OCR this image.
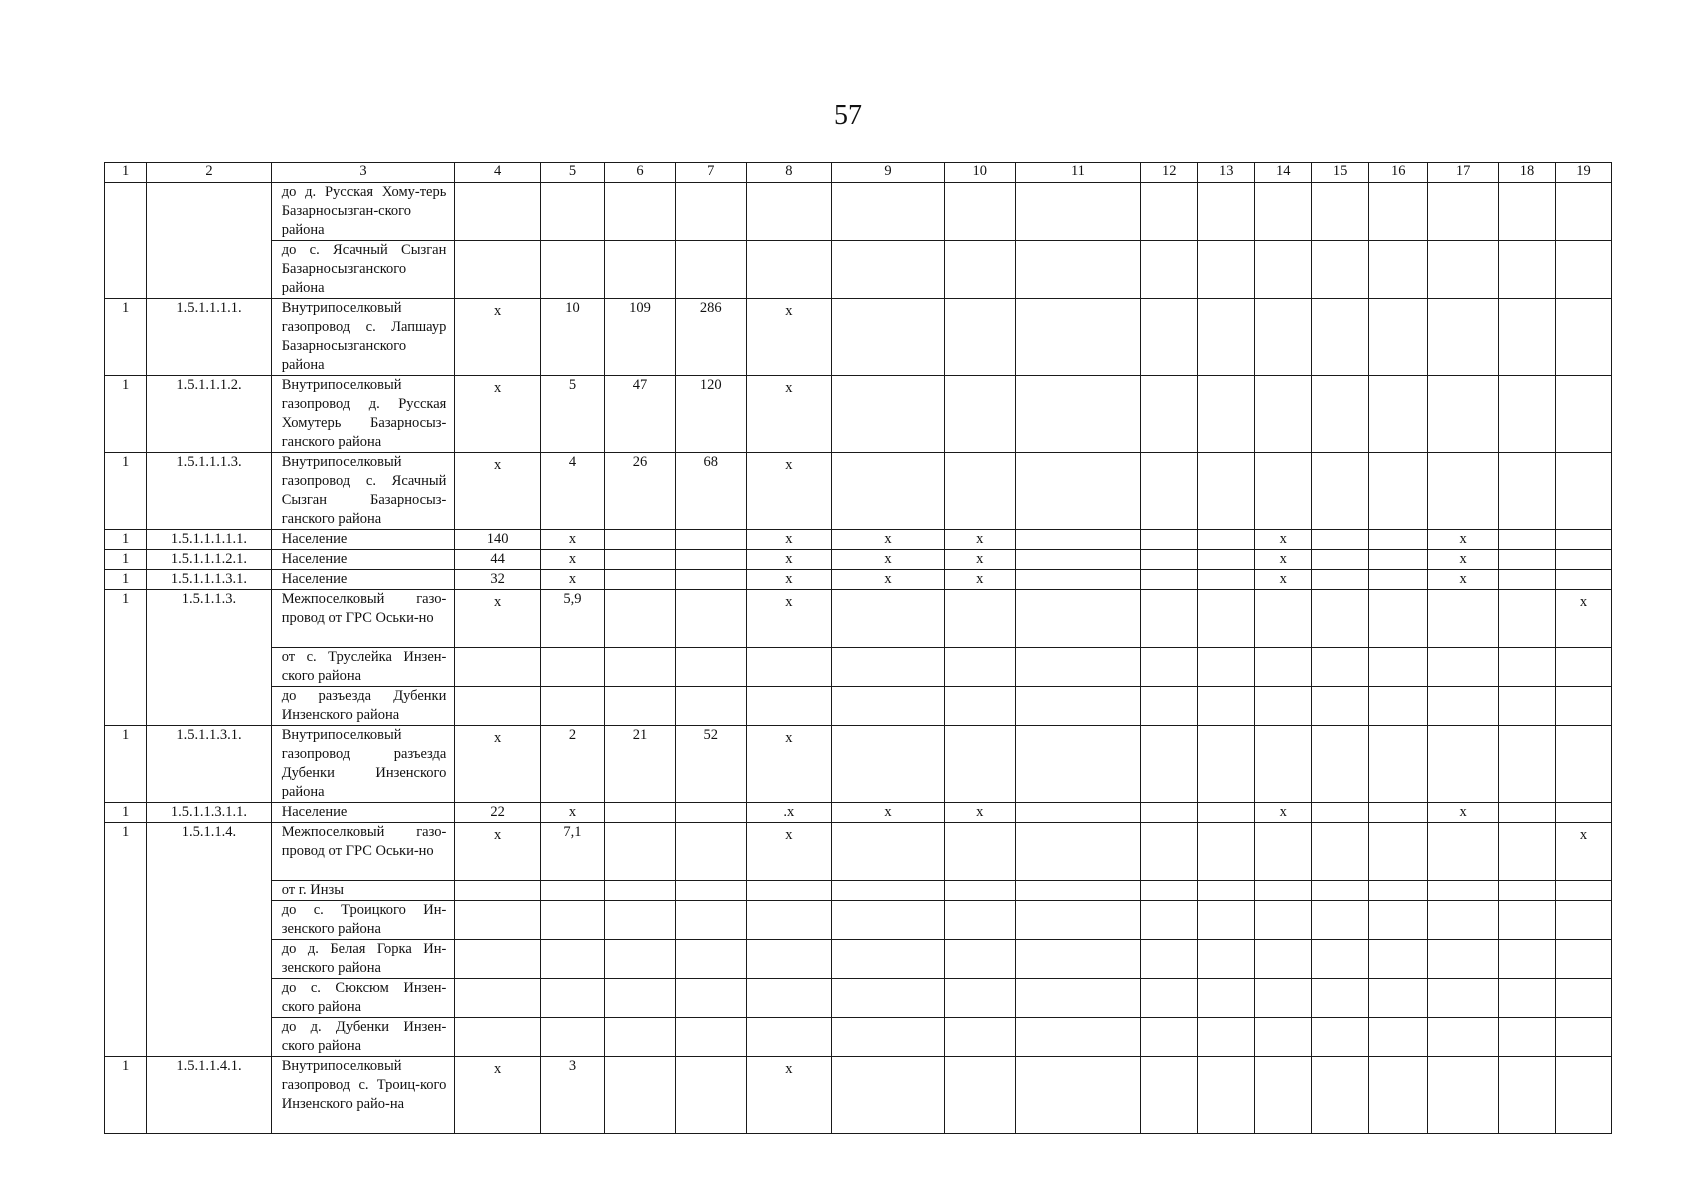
57
1	2	3	4	5	6	7	8	9	10	11	12	13	14	15	16	17	18	19
		до д. Русская Хому-терь Базарносызган-ского района																
		до с. Ясачный Сызган Базарносызганского района																
1	1.5.1.1.1.1.	Внутрипоселковый газопровод с. Лапшаур Базарносызганского района	х	10	109	286	х											
1	1.5.1.1.1.2.	Внутрипоселковый газопровод д. Русская Хомутерь Базарносыз-ганского района	х	5	47	120	х											
1	1.5.1.1.1.3.	Внутрипоселковый газопровод с. Ясачный Сызган Базарносыз-ганского района	х	4	26	68	х											
1	1.5.1.1.1.1.1.	Население	140	х			х	х	х				х			х		
1	1.5.1.1.1.2.1.	Население	44	х			х	х	х				х			х		
1	1.5.1.1.1.3.1.	Население	32	х			х	х	х				х			х		
1	1.5.1.1.3.	Межпоселковый газо-провод от ГРС Оськи-но	х	5,9			х											х
		от с. Труслейка Инзен-ского района																
		до разъезда Дубенки Инзенского района																
1	1.5.1.1.3.1.	Внутрипоселковый газопровод разъезда Дубенки Инзенского района	х	2	21	52	х											
1	1.5.1.1.3.1.1.	Население	22	х			.х	х	х				х			х		
1	1.5.1.1.4.	Межпоселковый газо-провод от ГРС Оськи-но	х	7,1			х											х
		от г. Инзы																
		до с. Троицкого Ин-зенского района																
		до д. Белая Горка Ин-зенского района																
		до с. Сюксюм Инзен-ского района																
		до д. Дубенки Инзен-ского района																
1	1.5.1.1.4.1.	Внутрипоселковый газопровод с. Троиц-кого Инзенского райо-на	х	3			х											
